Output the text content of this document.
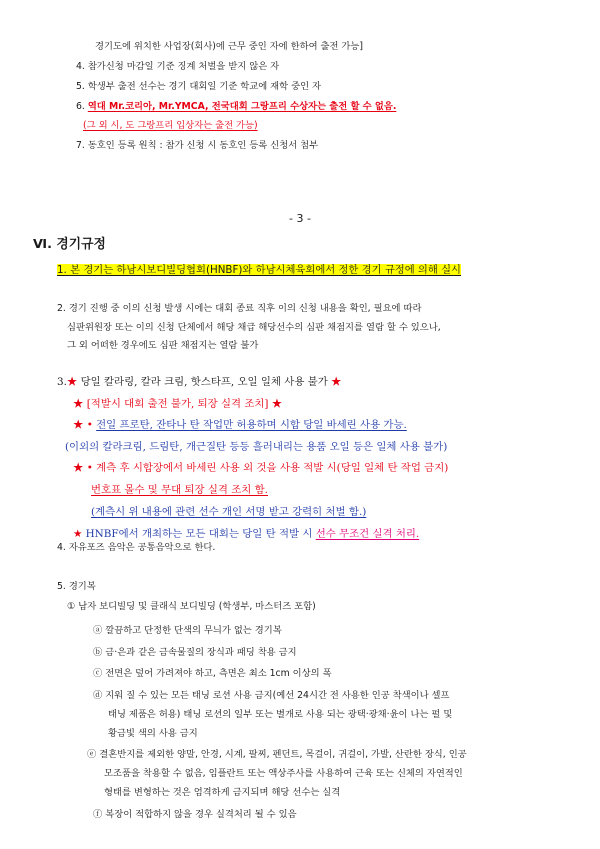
경기도에 위치한 사업장(회사)에 근무 중인 자에 한하여 출전 가능]
4. 참가신청 마감일 기준 징계 처벌을 받지 않은 자
5. 학생부 출전 선수는 경기 대회일 기준 학교에 재학 중인 자
6. 역대 Mr.코리아, Mr.YMCA, 전국대회 그랑프리 수상자는 출전 할 수 없음.
(그 외 시, 도 그랑프리 입상자는 출전 가능)
7. 동호인 등록 원칙 : 참가 신청 시 동호인 등록 신청서 첨부
- 3 -
Ⅵ. 경기규정
1. 본 경기는 하남시보디빌딩협회(HNBF)와 하남시체육회에서 정한 경기 규정에 의해 실시
2. 경기 진행 중 이의 신청 발생 시에는 대회 종료 직후 이의 신청 내용을 확인, 필요에 따라
심판위원장 또는 이의 신청 단체에서 해당 채급 해당선수의 심판 채점지를 열람 할 수 있으나,
그 외 어떠한 경우에도 심판 채점지는 열람 불가
3.★ 당일 칼라링, 칼라 크림, 핫스타프, 오일 일체 사용 불가 ★
★ [적발시 대회 출전 불가, 퇴장 실격 조치] ★
★ • 전일 프로탄, 잔타나 탄 작업만 허용하며 시합 당일 바세린 사용 가능.
(이외의 칼라크림, 드림탄, 개근질탄 등등 흘러내리는 용품 오일 등은 일체 사용 불가)
★ • 계측 후 시합장에서 바세린 사용 외 것을 사용 적발 시(당일 일체 탄 작업 금지)
번호표 몰수 및 무대 퇴장 실격 조치 함.
(계측시 위 내용에 관련 선수 개인 서명 받고 강력히 처벌 함.)
★ HNBF에서 개최하는 모든 대회는 당일 탄 적발 시 선수 무조건 실격 처리.
4. 자유포즈 음악은 공통음악으로 한다.
5. 경기복
① 남자 보디빌딩 및 클래식 보디빌딩 (학생부, 마스터즈 포함)
ⓐ 깔끔하고 단정한 단색의 무늬가 없는 경기복
ⓑ 금·은과 같은 금속물질의 장식과 패딩 착용 금지
ⓒ 전면은 덮어 가려져야 하고, 측면은 최소 1cm 이상의 폭
ⓓ 지워 질 수 있는 모든 태닝 로션 사용 금지(예선 24시간 전 사용한 인공 착색이나 셀프
태닝 제품은 허용) 태닝 로션의 일부 또는 별개로 사용 되는 광택·광채·윤이 나는 펄 및
황금빛 색의 사용 금지
ⓔ 결혼반지를 제외한 양말, 안경, 시계, 팔찌, 펜던트, 목걸이, 귀걸이, 가발, 산란한 장식, 인공
모조품을 착용할 수 없음, 임플란트 또는 액상주사를 사용하여 근육 또는 신체의 자연적인
형태를 변형하는 것은 엄격하게 금지되며 해당 선수는 실격
ⓕ 복장이 적합하지 않을 경우 실격처리 될 수 있음
